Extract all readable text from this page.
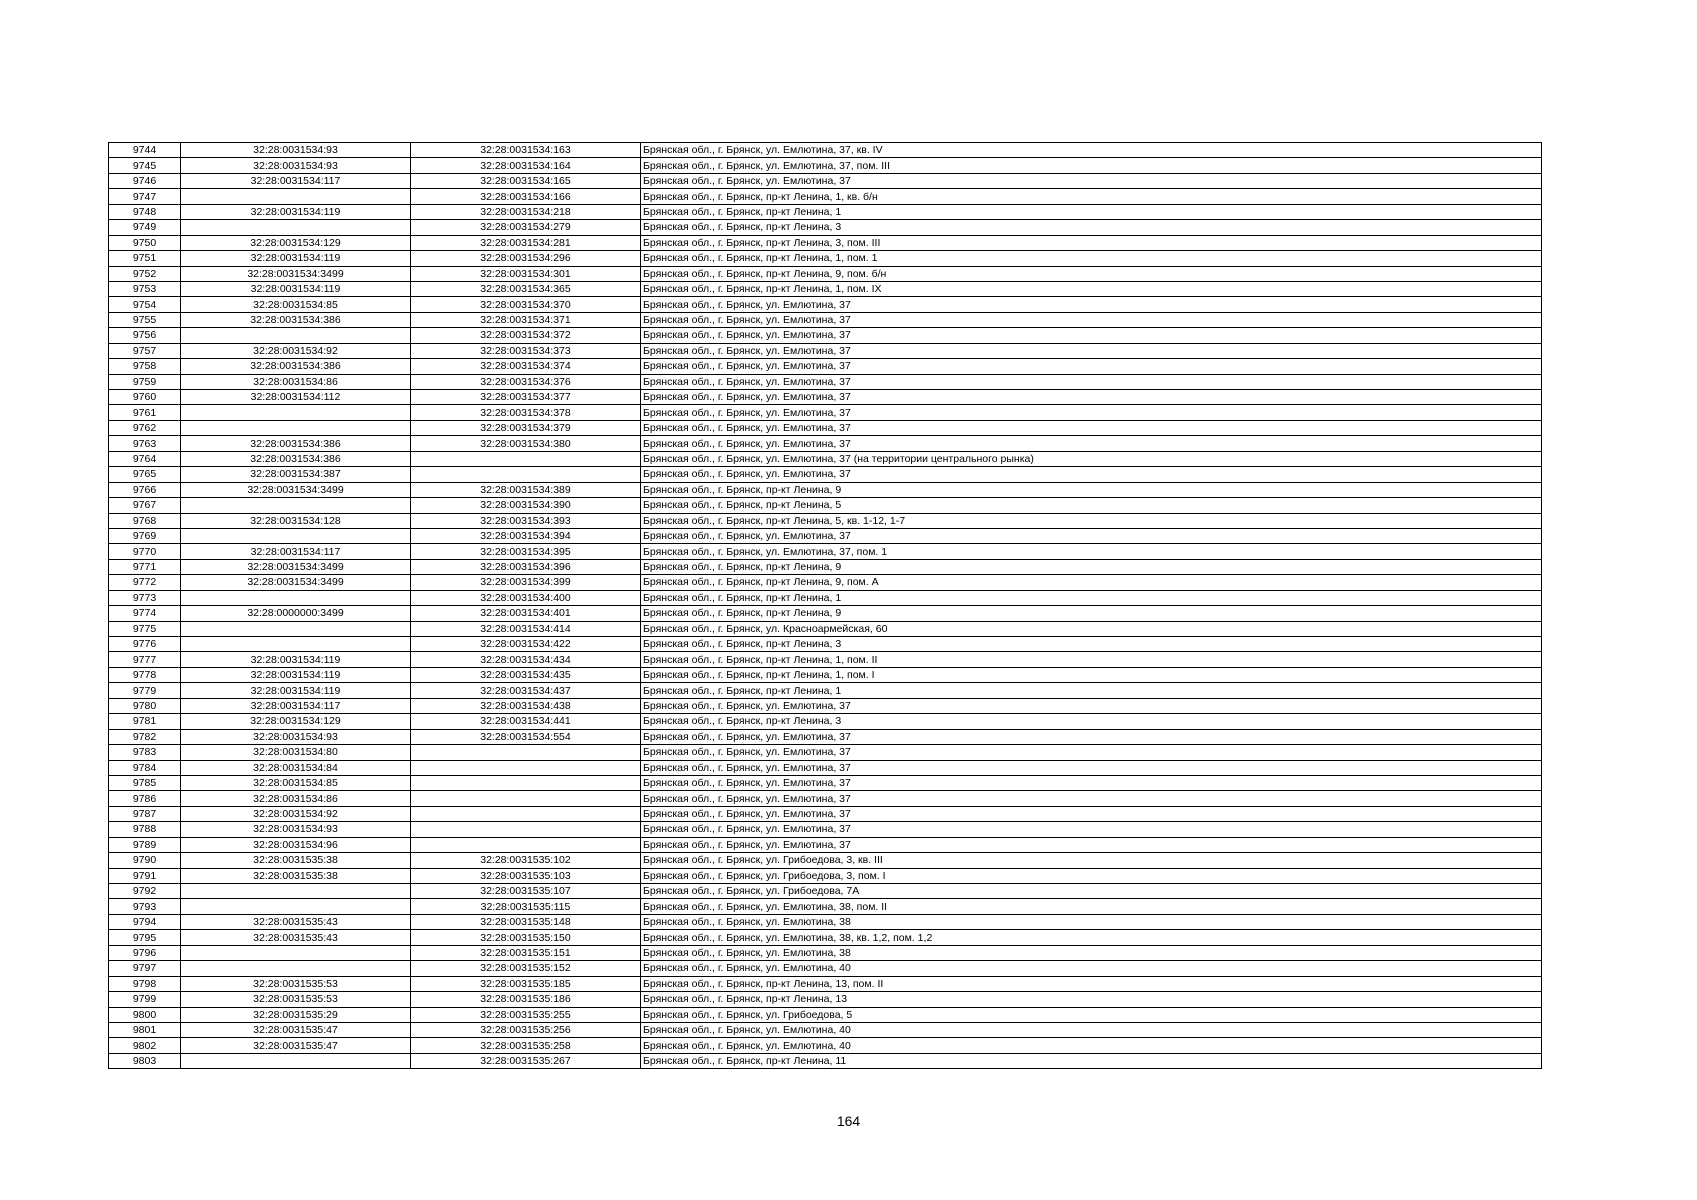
9744	32:28:0031534:93	32:28:0031534:163	Брянская обл., г. Брянск, ул. Емлютина, 37, кв. IV
9745	32:28:0031534:93	32:28:0031534:164	Брянская обл., г. Брянск, ул. Емлютина, 37, пом. III
9746	32:28:0031534:117	32:28:0031534:165	Брянская обл., г. Брянск, ул. Емлютина, 37
9747		32:28:0031534:166	Брянская обл., г. Брянск, пр-кт Ленина, 1, кв. б/н
9748	32:28:0031534:119	32:28:0031534:218	Брянская обл., г. Брянск, пр-кт Ленина, 1
9749		32:28:0031534:279	Брянская обл., г. Брянск, пр-кт Ленина, 3
9750	32:28:0031534:129	32:28:0031534:281	Брянская обл., г. Брянск, пр-кт Ленина, 3, пом. III
9751	32:28:0031534:119	32:28:0031534:296	Брянская обл., г. Брянск, пр-кт Ленина, 1, пом. 1
9752	32:28:0031534:3499	32:28:0031534:301	Брянская обл., г. Брянск, пр-кт Ленина, 9, пом. б/н
9753	32:28:0031534:119	32:28:0031534:365	Брянская обл., г. Брянск, пр-кт Ленина, 1, пом. IX
9754	32:28:0031534:85	32:28:0031534:370	Брянская обл., г. Брянск, ул. Емлютина, 37
9755	32:28:0031534:386	32:28:0031534:371	Брянская обл., г. Брянск, ул. Емлютина, 37
9756		32:28:0031534:372	Брянская обл., г. Брянск, ул. Емлютина, 37
9757	32:28:0031534:92	32:28:0031534:373	Брянская обл., г. Брянск, ул. Емлютина, 37
9758	32:28:0031534:386	32:28:0031534:374	Брянская обл., г. Брянск, ул. Емлютина, 37
9759	32:28:0031534:86	32:28:0031534:376	Брянская обл., г. Брянск, ул. Емлютина, 37
9760	32:28:0031534:112	32:28:0031534:377	Брянская обл., г. Брянск, ул. Емлютина, 37
9761		32:28:0031534:378	Брянская обл., г. Брянск, ул. Емлютина, 37
9762		32:28:0031534:379	Брянская обл., г. Брянск, ул. Емлютина, 37
9763	32:28:0031534:386	32:28:0031534:380	Брянская обл., г. Брянск, ул. Емлютина, 37
9764	32:28:0031534:386		Брянская обл., г. Брянск, ул. Емлютина, 37 (на территории центрального рынка)
9765	32:28:0031534:387		Брянская обл., г. Брянск, ул. Емлютина, 37
9766	32:28:0031534:3499	32:28:0031534:389	Брянская обл., г. Брянск, пр-кт Ленина, 9
9767		32:28:0031534:390	Брянская обл., г. Брянск, пр-кт Ленина, 5
9768	32:28:0031534:128	32:28:0031534:393	Брянская обл., г. Брянск, пр-кт Ленина, 5, кв. 1-12, 1-7
9769		32:28:0031534:394	Брянская обл., г. Брянск, ул. Емлютина, 37
9770	32:28:0031534:117	32:28:0031534:395	Брянская обл., г. Брянск, ул. Емлютина, 37, пом. 1
9771	32:28:0031534:3499	32:28:0031534:396	Брянская обл., г. Брянск, пр-кт Ленина, 9
9772	32:28:0031534:3499	32:28:0031534:399	Брянская обл., г. Брянск, пр-кт Ленина, 9, пом. А
9773		32:28:0031534:400	Брянская обл., г. Брянск, пр-кт Ленина, 1
9774	32:28:0000000:3499	32:28:0031534:401	Брянская обл., г. Брянск, пр-кт Ленина, 9
9775		32:28:0031534:414	Брянская обл., г. Брянск, ул. Красноармейская, 60
9776		32:28:0031534:422	Брянская обл., г. Брянск, пр-кт Ленина, 3
9777	32:28:0031534:119	32:28:0031534:434	Брянская обл., г. Брянск, пр-кт Ленина, 1, пом. II
9778	32:28:0031534:119	32:28:0031534:435	Брянская обл., г. Брянск, пр-кт Ленина, 1, пом. I
9779	32:28:0031534:119	32:28:0031534:437	Брянская обл., г. Брянск, пр-кт Ленина, 1
9780	32:28:0031534:117	32:28:0031534:438	Брянская обл., г. Брянск, ул. Емлютина, 37
9781	32:28:0031534:129	32:28:0031534:441	Брянская обл., г. Брянск, пр-кт Ленина, 3
9782	32:28:0031534:93	32:28:0031534:554	Брянская обл., г. Брянск, ул. Емлютина, 37
9783	32:28:0031534:80		Брянская обл., г. Брянск, ул. Емлютина, 37
9784	32:28:0031534:84		Брянская обл., г. Брянск, ул. Емлютина, 37
9785	32:28:0031534:85		Брянская обл., г. Брянск, ул. Емлютина, 37
9786	32:28:0031534:86		Брянская обл., г. Брянск, ул. Емлютина, 37
9787	32:28:0031534:92		Брянская обл., г. Брянск, ул. Емлютина, 37
9788	32:28:0031534:93		Брянская обл., г. Брянск, ул. Емлютина, 37
9789	32:28:0031534:96		Брянская обл., г. Брянск, ул. Емлютина, 37
9790	32:28:0031535:38	32:28:0031535:102	Брянская обл., г. Брянск, ул. Грибоедова, 3, кв. III
9791	32:28:0031535:38	32:28:0031535:103	Брянская обл., г. Брянск, ул. Грибоедова, 3, пом. I
9792		32:28:0031535:107	Брянская обл., г. Брянск, ул. Грибоедова, 7А
9793		32:28:0031535:115	Брянская обл., г. Брянск, ул. Емлютина, 38, пом. II
9794	32:28:0031535:43	32:28:0031535:148	Брянская обл., г. Брянск, ул. Емлютина, 38
9795	32:28:0031535:43	32:28:0031535:150	Брянская обл., г. Брянск, ул. Емлютина, 38, кв. 1,2, пом. 1,2
9796		32:28:0031535:151	Брянская обл., г. Брянск, ул. Емлютина, 38
9797		32:28:0031535:152	Брянская обл., г. Брянск, ул. Емлютина, 40
9798	32:28:0031535:53	32:28:0031535:185	Брянская обл., г. Брянск, пр-кт Ленина, 13, пом. II
9799	32:28:0031535:53	32:28:0031535:186	Брянская обл., г. Брянск, пр-кт Ленина, 13
9800	32:28:0031535:29	32:28:0031535:255	Брянская обл., г. Брянск, ул. Грибоедова, 5
9801	32:28:0031535:47	32:28:0031535:256	Брянская обл., г. Брянск, ул. Емлютина, 40
9802	32:28:0031535:47	32:28:0031535:258	Брянская обл., г. Брянск, ул. Емлютина, 40
9803		32:28:0031535:267	Брянская обл., г. Брянск, пр-кт Ленина, 11
164
